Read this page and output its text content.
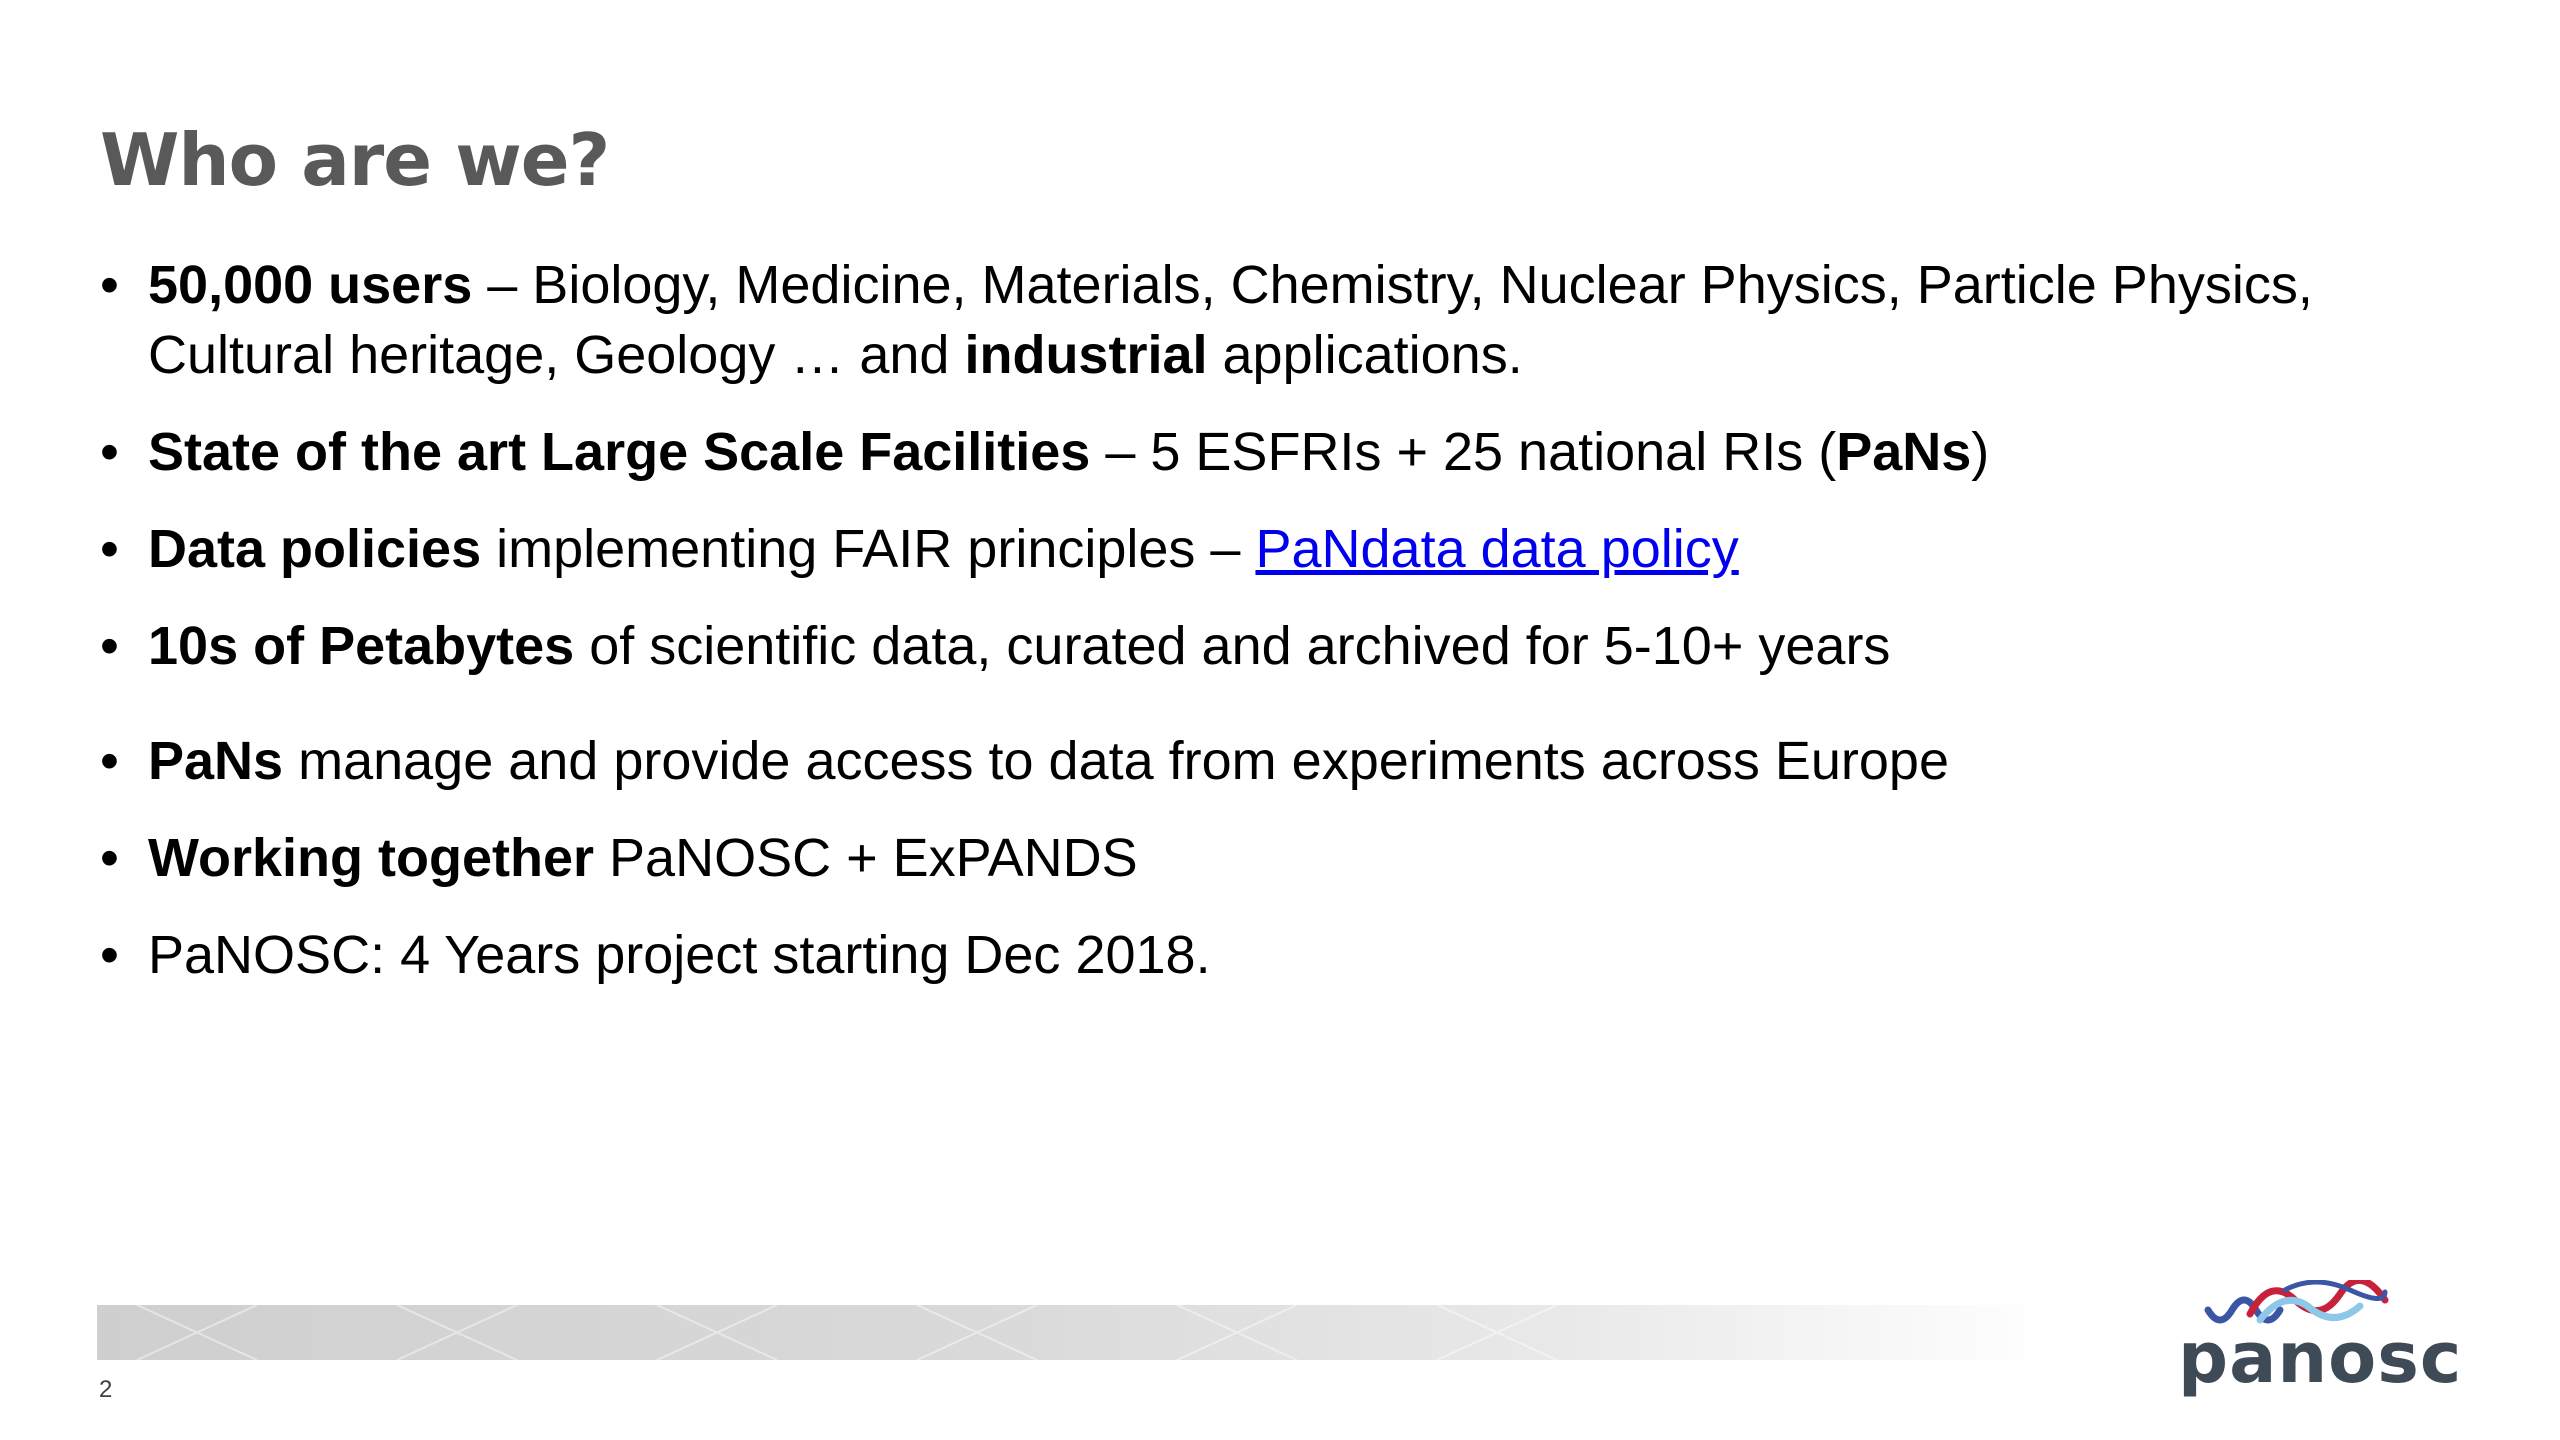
Who are we?
• 50,000 users – Biology, Medicine, Materials, Chemistry, Nuclear Physics, Particle Physics, Cultural heritage, Geology … and industrial applications.
• State of the art Large Scale Facilities – 5 ESFRIs + 25 national RIs (PaNs)
• Data policies implementing FAIR principles – PaNdata data policy
• 10s of Petabytes of scientific data, curated and archived for 5-10+ years
• PaNs manage and provide access to data from experiments across Europe
• Working together PaNOSC + ExPANDS
• PaNOSC: 4 Years project starting Dec 2018.
2	panosc
